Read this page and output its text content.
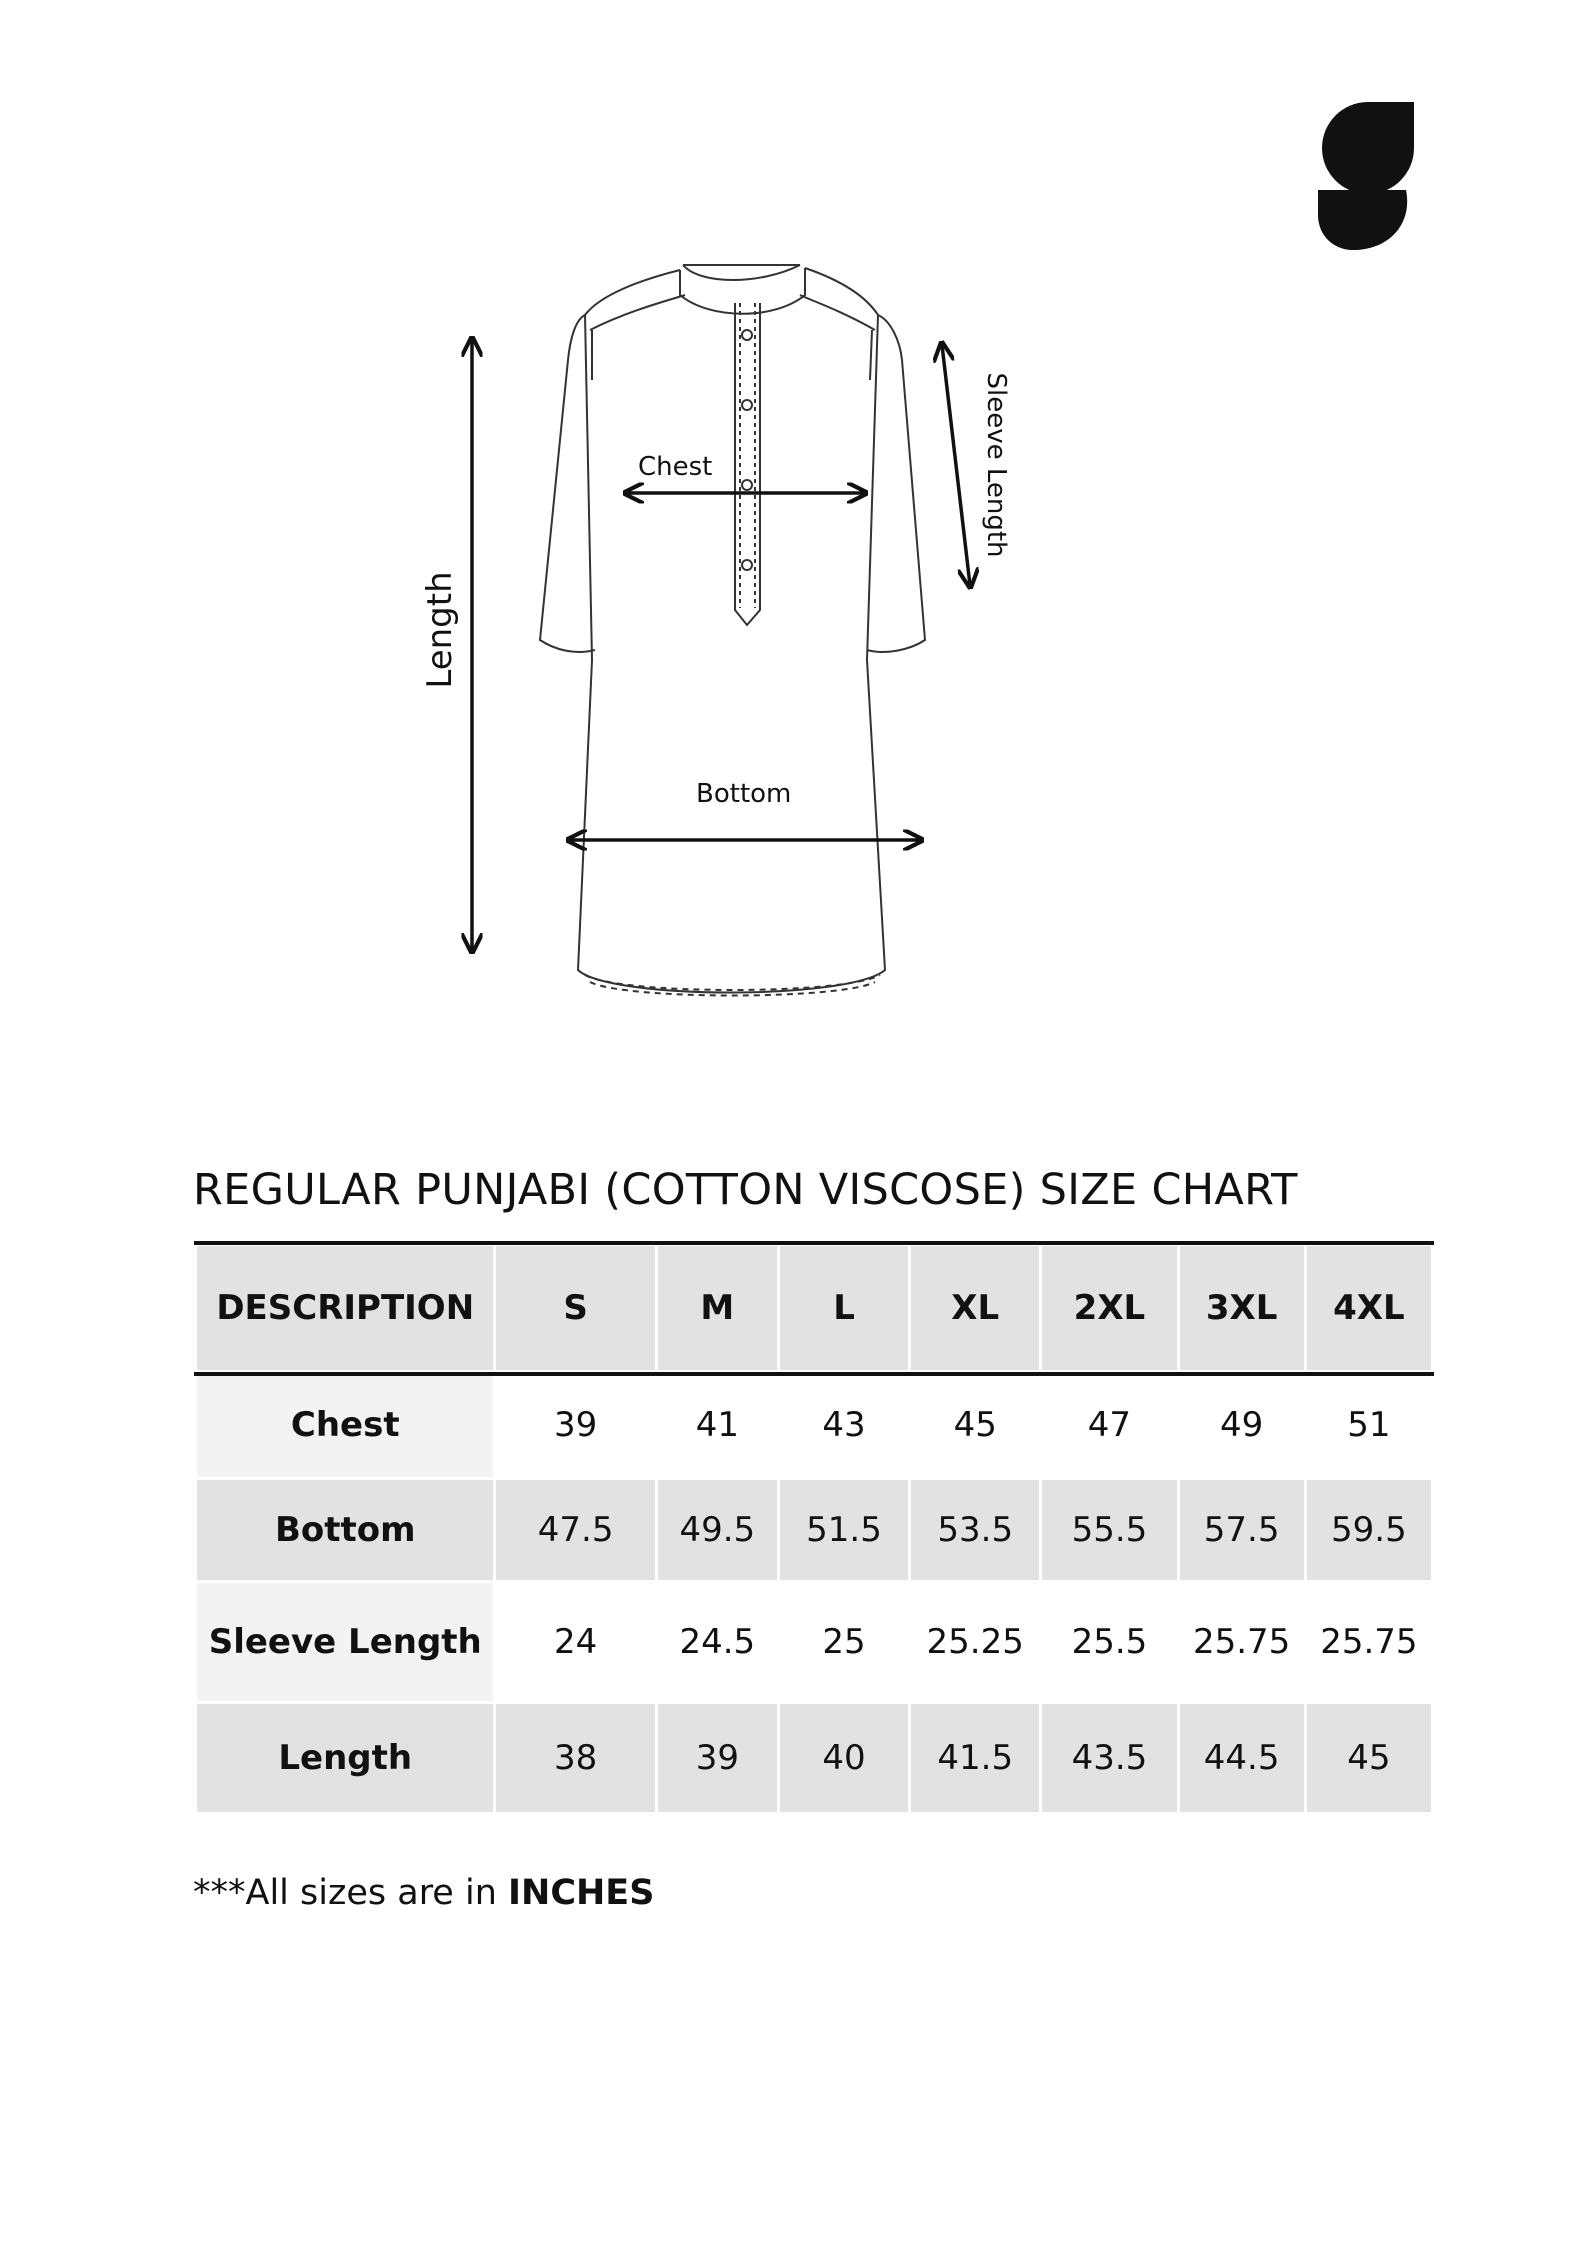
Chest
Bottom
Length
Sleeve Length
REGULAR PUNJABI (COTTON VISCOSE) SIZE CHART
DESCRIPTION	S	M	L	XL	2XL	3XL	4XL
Chest	39	41	43	45	47	49	51
Bottom	47.5	49.5	51.5	53.5	55.5	57.5	59.5
Sleeve Length	24	24.5	25	25.25	25.5	25.75	25.75
Length	38	39	40	41.5	43.5	44.5	45
***All sizes are in INCHES
